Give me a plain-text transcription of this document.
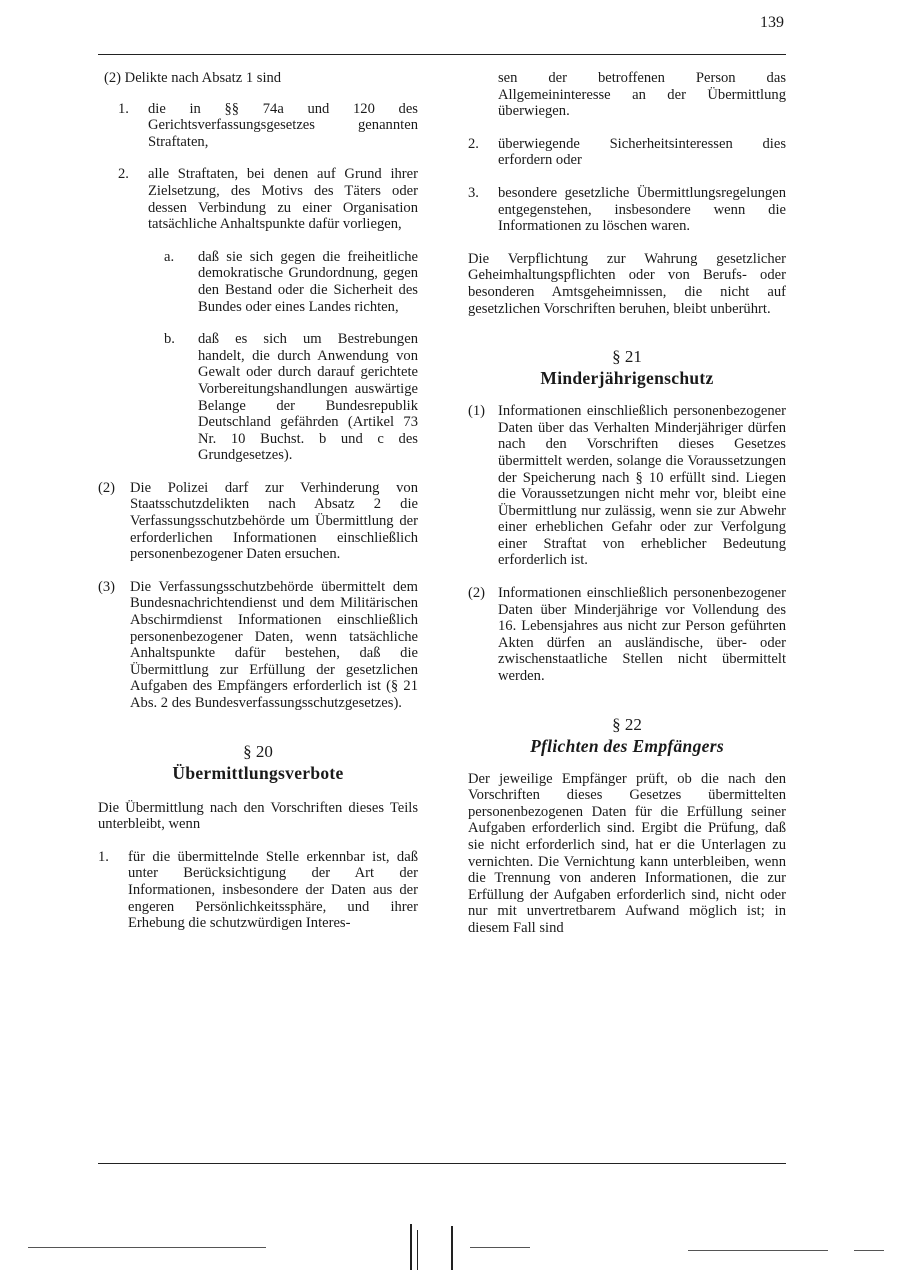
139

(2) Delikte nach Absatz 1 sind

1.	die in §§ 74a und 120 des Gerichtsverfassungsgesetzes genannten Straftaten,
2.	alle Straftaten, bei denen auf Grund ihrer Zielsetzung, des Motivs des Täters oder dessen Verbindung zu einer Organisation tatsächliche Anhaltspunkte dafür vorliegen,
a.	daß sie sich gegen die freiheitliche demokratische Grundordnung, gegen den Bestand oder die Sicherheit des Bundes oder eines Landes richten,
b.	daß es sich um Bestrebungen handelt, die durch Anwendung von Gewalt oder durch darauf gerichtete Vorbereitungshandlungen auswärtige Belange der Bundesrepublik Deutschland gefährden (Artikel 73 Nr. 10 Buchst. b und c des Grundgesetzes).
(2)	Die Polizei darf zur Verhinderung von Staatsschutzdelikten nach Absatz 2 die Verfassungsschutzbehörde um Übermittlung der erforderlichen Informationen einschließlich personenbezogener Daten ersuchen.
(3)	Die Verfassungsschutzbehörde übermittelt dem Bundesnachrichtendienst und dem Militärischen Abschirmdienst Informationen einschließlich personenbezogener Daten, wenn tatsächliche Anhaltspunkte dafür bestehen, daß die Übermittlung zur Erfüllung der gesetzlichen Aufgaben des Empfängers erforderlich ist (§ 21 Abs. 2 des Bundesverfassungsschutzgesetzes).
§ 20
Übermittlungsverbote

Die Übermittlung nach den Vorschriften dieses Teils unterbleibt, wenn

1.	für die übermittelnde Stelle erkennbar ist, daß unter Berücksichtigung der Art der Informationen, insbesondere der Daten aus der engeren Persönlichkeitssphäre, und ihrer Erhebung die schutzwürdigen Interes-

sen der betroffenen Person das Allgemeininteresse an der Übermittlung überwiegen.

2.	überwiegende Sicherheitsinteressen dies erfordern oder
3.	besondere gesetzliche Übermittlungsregelungen entgegenstehen, insbesondere wenn die Informationen zu löschen waren.

Die Verpflichtung zur Wahrung gesetzlicher Geheimhaltungspflichten oder von Berufs- oder besonderen Amtsgeheimnissen, die nicht auf gesetzlichen Vorschriften beruhen, bleibt unberührt.

§ 21
Minderjährigenschutz
(1) Informationen einschließlich personenbezogener Daten über das Verhalten Minderjähriger dürfen nach den Vorschriften dieses Gesetzes übermittelt werden, solange die Voraussetzungen der Speicherung nach § 10 erfüllt sind. Liegen die Voraussetzungen nicht mehr vor, bleibt eine Übermittlung nur zulässig, wenn sie zur Abwehr einer erheblichen Gefahr oder zur Verfolgung einer Straftat von erheblicher Bedeutung erforderlich ist.
(2) Informationen einschließlich personenbezogener Daten über Minderjährige vor Vollendung des 16. Lebensjahres aus nicht zur Person geführten Akten dürfen an ausländische, über- oder zwischenstaatliche Stellen nicht übermittelt werden.
§ 22
Pflichten des Empfängers

Der jeweilige Empfänger prüft, ob die nach den Vorschriften dieses Gesetzes übermittelten personenbezogenen Daten für die Erfüllung seiner Aufgaben erforderlich sind. Ergibt die Prüfung, daß sie nicht erforderlich sind, hat er die Unterlagen zu vernichten. Die Vernichtung kann unterbleiben, wenn die Trennung von anderen Informationen, die zur Erfüllung der Aufgaben erforderlich sind, nicht oder nur mit unvertretbarem Aufwand möglich ist; in diesem Fall sind
